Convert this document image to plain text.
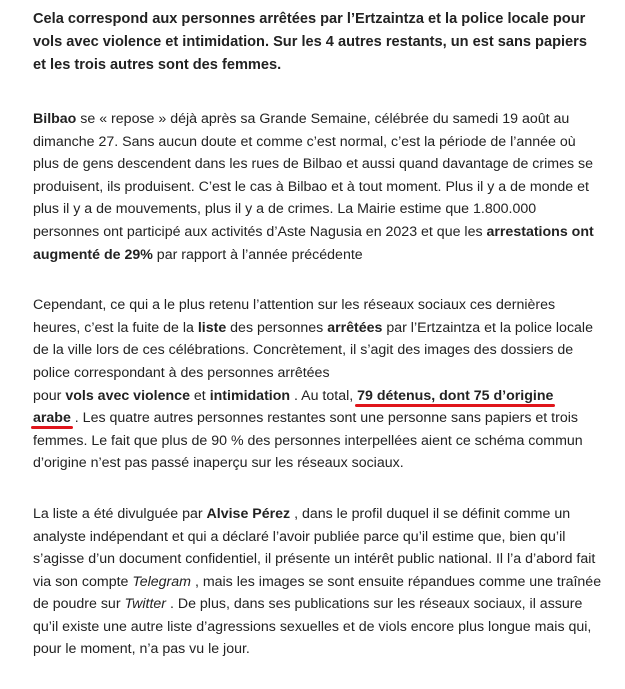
Cela correspond aux personnes arrêtées par l’Ertzaintza et la police locale pour vols avec violence et intimidation. Sur les 4 autres restants, un est sans papiers et les trois autres sont des femmes.

Bilbao se « repose » déjà après sa Grande Semaine, célébrée du samedi 19 août au dimanche 27. Sans aucun doute et comme c’est normal, c’est la période de l’année où plus de gens descendent dans les rues de Bilbao et aussi quand davantage de crimes se produisent, ils produisent. C’est le cas à Bilbao et à tout moment. Plus il y a de monde et plus il y a de mouvements, plus il y a de crimes. La Mairie estime que 1.800.000 personnes ont participé aux activités d’Aste Nagusia en 2023 et que les arrestations ont augmenté de 29% par rapport à l’année précédente

Cependant, ce qui a le plus retenu l’attention sur les réseaux sociaux ces dernières heures, c’est la fuite de la liste des personnes arrêtées par l’Ertzaintza et la police locale de la ville lors de ces célébrations. Concrètement, il s’agit des images des dossiers de police correspondant à des personnes arrêtées
pour vols avec violence et intimidation . Au total, 79 détenus, dont 75 d’origine
arabe . Les quatre autres personnes restantes sont une personne sans papiers et trois femmes. Le fait que plus de 90 % des personnes interpellées aient ce schéma commun d’origine n’est pas passé inaperçu sur les réseaux sociaux.

La liste a été divulguée par Alvise Pérez , dans le profil duquel il se définit comme un analyste indépendant et qui a déclaré l’avoir publiée parce qu’il estime que, bien qu’il s’agisse d’un document confidentiel, il présente un intérêt public national. Il l’a d’abord fait via son compte Telegram , mais les images se sont ensuite répandues comme une traînée de poudre sur Twitter . De plus, dans ses publications sur les réseaux sociaux, il assure qu’il existe une autre liste d’agressions sexuelles et de viols encore plus longue mais qui, pour le moment, n’a pas vu le jour.
